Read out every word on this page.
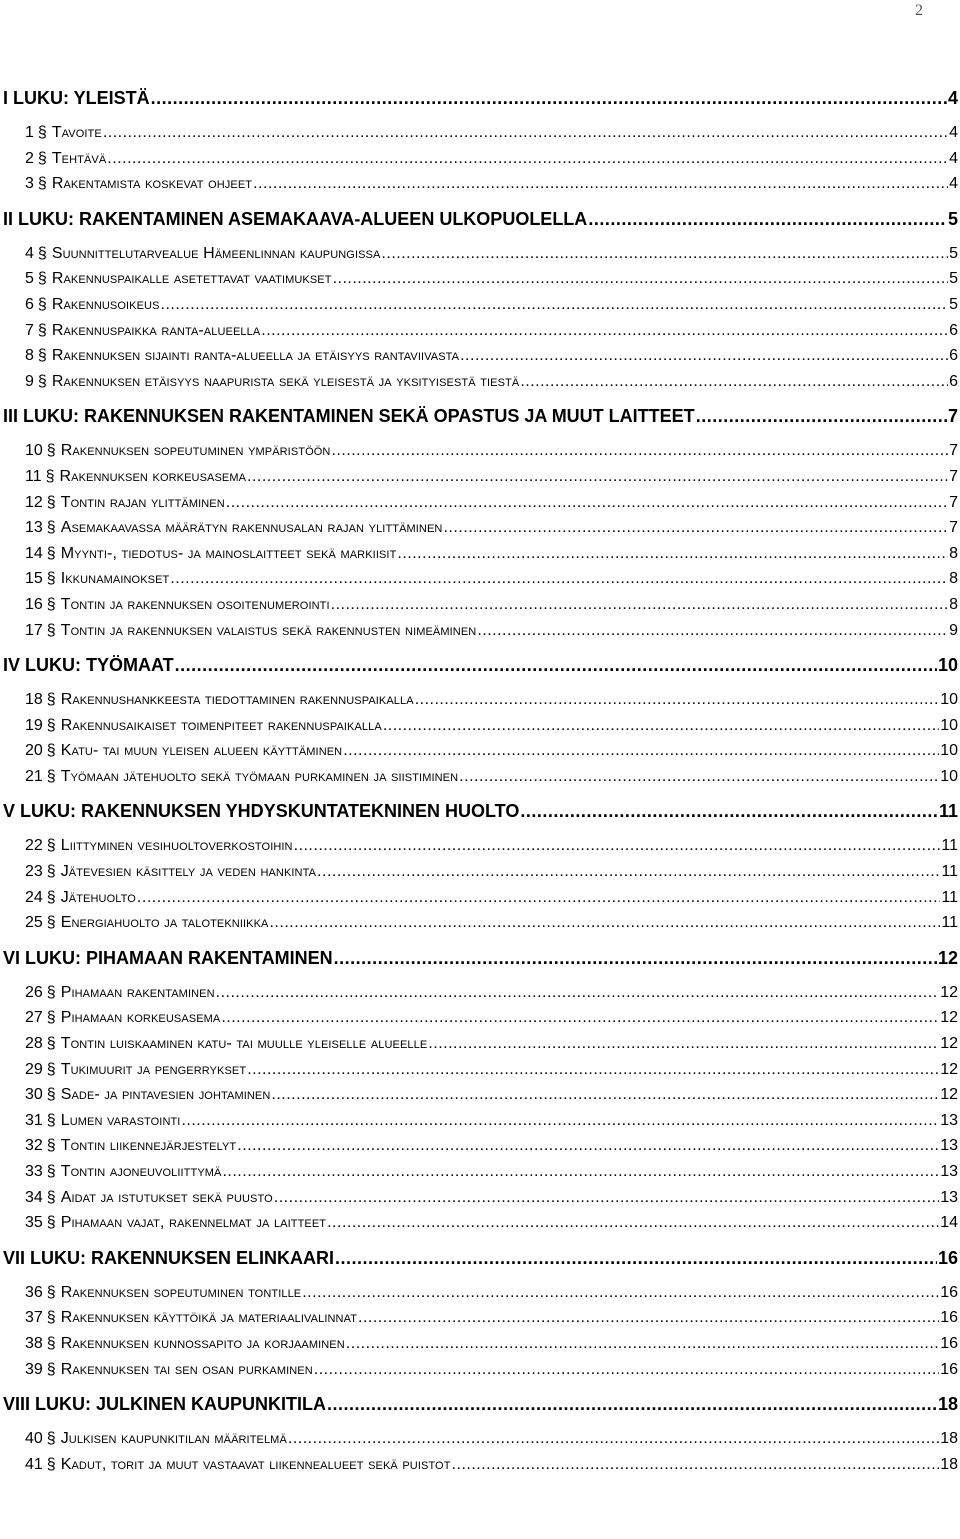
2
I LUKU: YLEISTÄ .....	4
1 § Tavoite .....	4
2 § Tehtävä .....	4
3 § Rakentamista koskevat ohjeet .....	4
II LUKU: RAKENTAMINEN ASEMAKAAVA-ALUEEN ULKOPUOLELLA .....	5
4 § Suunnittelutarvealue Hämeenlinnan kaupungissa .....	5
5 § Rakennuspaikalle asetettavat vaatimukset .....	5
6 § Rakennusoikeus .....	5
7 § Rakennuspaikka ranta-alueella .....	6
8 § Rakennuksen sijainti ranta-alueella ja etäisyys rantaviivasta .....	6
9 § Rakennuksen etäisyys naapurista sekä yleisestä ja yksityisestä tiestä .....	6
III LUKU: RAKENNUKSEN RAKENTAMINEN SEKÄ OPASTUS JA MUUT LAITTEET .....	7
10 § Rakennuksen sopeutuminen ympäristöön .....	7
11 § Rakennuksen korkeusasema .....	7
12 § Tontin rajan ylittäminen .....	7
13 § Asemakaavassa määrätyn rakennusalan rajan ylittäminen .....	7
14 § Myynti-, tiedotus- ja mainoslaitteet sekä markiisit .....	8
15 § Ikkunamainokset .....	8
16 § Tontin ja rakennuksen osoitenumerointi .....	8
17 § Tontin ja rakennuksen valaistus sekä rakennusten nimeäminen .....	9
IV LUKU: TYÖMAAT .....	10
18 § Rakennushankkeesta tiedottaminen rakennuspaikalla .....	10
19 § Rakennusaikaiset toimenpiteet rakennuspaikalla .....	10
20 § Katu- tai muun yleisen alueen käyttäminen .....	10
21 § Työmaan jätehuolto sekä työmaan purkaminen ja siistiminen .....	10
V LUKU: RAKENNUKSEN YHDYSKUNTATEKNINEN HUOLTO .....	11
22 § Liittyminen vesihuoltoverkostoihin .....	11
23 § Jätevesien käsittely ja veden hankinta .....	11
24 § Jätehuolto .....	11
25 § Energiahuolto ja talotekniikka .....	11
VI LUKU: PIHAMAAN RAKENTAMINEN .....	12
26 § Pihamaan rakentaminen .....	12
27 § Pihamaan korkeusasema .....	12
28 § Tontin luiskaaminen katu- tai muulle yleiselle alueelle .....	12
29 § Tukimuurit ja pengerrykset .....	12
30 § Sade- ja pintavesien johtaminen .....	12
31 § Lumen varastointi .....	13
32 § Tontin liikennejärjestelyt .....	13
33 § Tontin ajoneuvoliittymä .....	13
34 § Aidat ja istutukset sekä puusto .....	13
35 § Pihamaan vajat, rakennelmat ja laitteet .....	14
VII LUKU: RAKENNUKSEN ELINKAARI .....	16
36 § Rakennuksen sopeutuminen tontille .....	16
37 § Rakennuksen käyttöikä ja materiaalivalinnat .....	16
38 § Rakennuksen kunnossapito ja korjaaminen .....	16
39 § Rakennuksen tai sen osan purkaminen .....	16
VIII LUKU: JULKINEN KAUPUNKITILA .....	18
40 § Julkisen kaupunkitilan määritelmä .....	18
41 § Kadut, torit ja muut vastaavat liikennealueet sekä puistot .....	18
